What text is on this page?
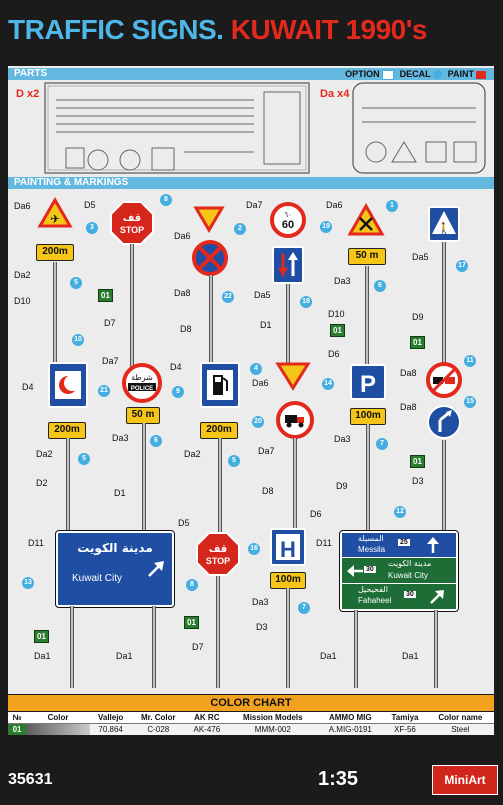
TRAFFIC SIGNS. KUWAIT 1990's
PARTS	OPTION	DECAL	PAINT
D x2	Da x4
PAINTING & MARKINGS
Da6
✈
3
200m
Da2
5
D10
D5
8
قف
STOP
01
D7
Da6
2
Da8	22
D8
Da7
٦٠
60	19
Da5
18
D1
Da6	1
50 m
Da3	6
D10
01
🚶
Da5
17
D9
01
10
D4
200m
Da2	5
D2
Da7
21
شرطة
POLICE
50 m
Da3	6
D1
D4
9
200m
Da2
5
4
Da6
20
Da7
D8
D6
14 P
100m
Da3	7
D9
Da8
11
Da8
15
01
D3
D11	مدينة الكويت
Kuwait City
13
01
Da1	Da1
D5
قف
STOP
8
01
D7
D6
16 H
100m
Da3
7
D3
12
D11	المسيلة
Messila
25
30
مدينة الكويت
Kuwait City
الفحيحيل
Fahaheel
30
Da1	Da1
COLOR CHART
№	Color	Vallejo	Mr. Color	AK RC	Mission Models	AMMO MIG	Tamiya	Color name
01		70.864	C-028	AK-476	MMM-002	A.MIG-0191	XF-56	Steel
35631	1:35	MiniArt
